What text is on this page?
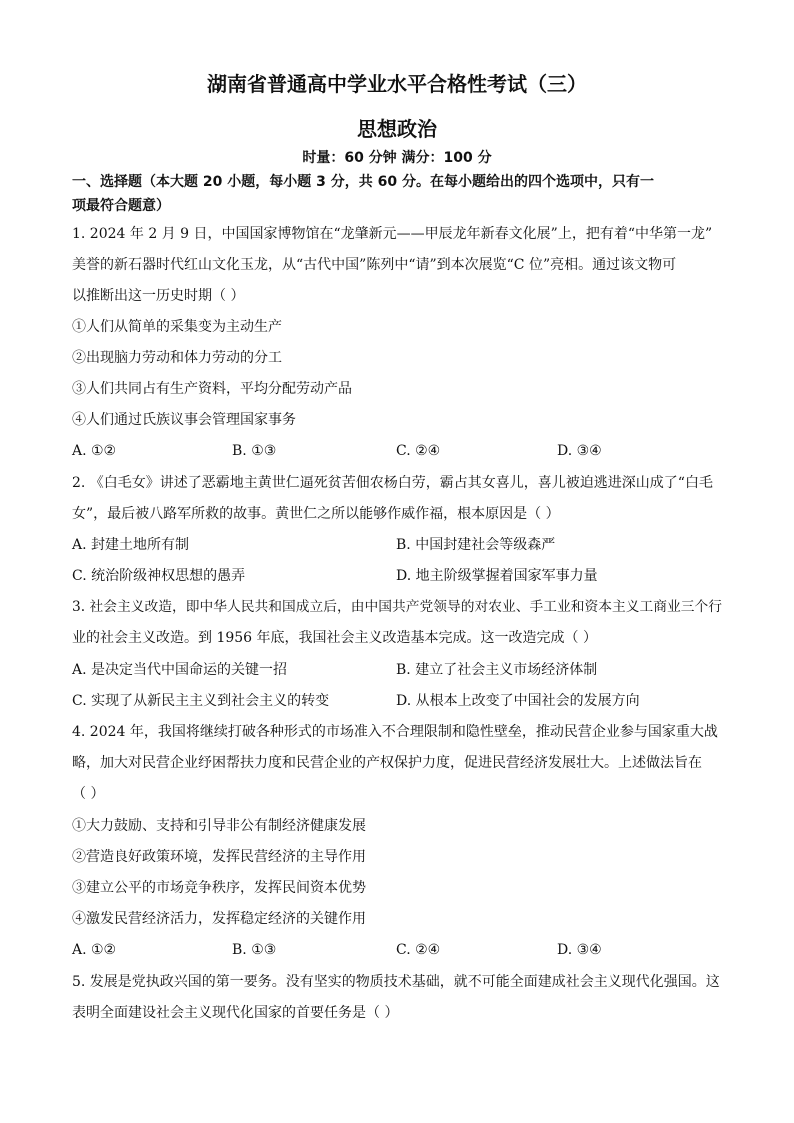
湖南省普通高中学业水平合格性考试（三）
思想政治
时量：60 分钟 满分：100 分
一、选择题（本大题 20 小题，每小题 3 分，共 60 分。在每小题给出的四个选项中，只有一
项最符合题意）
1. 2024 年 2 月 9 日，中国国家博物馆在“龙肇新元——甲辰龙年新春文化展”上，把有着“中华第一龙”
美誉的新石器时代红山文化玉龙，从“古代中国”陈列中“请”到本次展览“C 位”亮相。通过该文物可
以推断出这一历史时期（ ）
①人们从简单的采集变为主动生产
②出现脑力劳动和体力劳动的分工
③人们共同占有生产资料，平均分配劳动产品
④人们通过氏族议事会管理国家事务
A. ①②	B. ①③	C. ②④	D. ③④
2. 《白毛女》讲述了恶霸地主黄世仁逼死贫苦佃农杨白劳，霸占其女喜儿，喜儿被迫逃进深山成了“白毛
女”，最后被八路军所救的故事。黄世仁之所以能够作威作福，根本原因是（ ）
A. 封建土地所有制	B. 中国封建社会等级森严
C. 统治阶级神权思想的愚弄	D. 地主阶级掌握着国家军事力量
3. 社会主义改造，即中华人民共和国成立后，由中国共产党领导的对农业、手工业和资本主义工商业三个行
业的社会主义改造。到 1956 年底，我国社会主义改造基本完成。这一改造完成（ ）
A. 是决定当代中国命运的关键一招	B. 建立了社会主义市场经济体制
C. 实现了从新民主主义到社会主义的转变	D. 从根本上改变了中国社会的发展方向
4. 2024 年，我国将继续打破各种形式的市场准入不合理限制和隐性壁垒，推动民营企业参与国家重大战
略，加大对民营企业纾困帮扶力度和民营企业的产权保护力度，促进民营经济发展壮大。上述做法旨在
（ ）
①大力鼓励、支持和引导非公有制经济健康发展
②营造良好政策环境，发挥民营经济的主导作用
③建立公平的市场竞争秩序，发挥民间资本优势
④激发民营经济活力，发挥稳定经济的关键作用
A. ①②	B. ①③	C. ②④	D. ③④
5. 发展是党执政兴国的第一要务。没有坚实的物质技术基础，就不可能全面建成社会主义现代化强国。这
表明全面建设社会主义现代化国家的首要任务是（ ）
